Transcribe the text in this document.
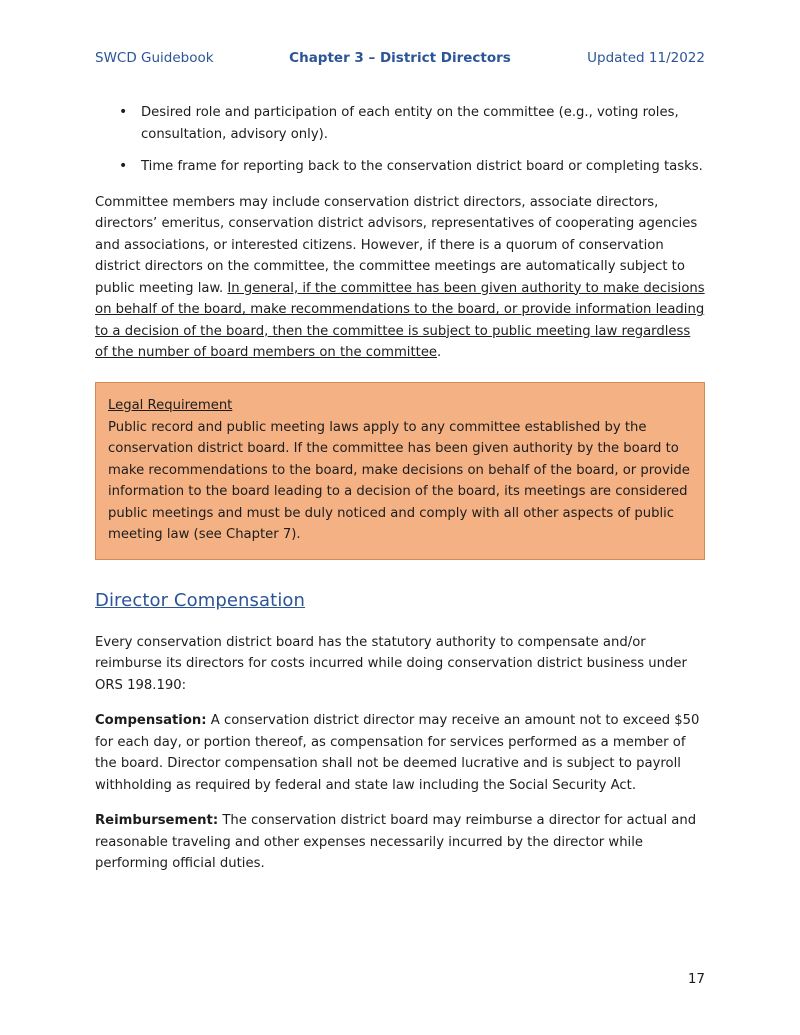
SWCD Guidebook	Chapter 3 – District Directors	Updated 11/2022
• Desired role and participation of each entity on the committee (e.g., voting roles, consultation, advisory only).
• Time frame for reporting back to the conservation district board or completing tasks.

Committee members may include conservation district directors, associate directors, directors’ emeritus, conservation district advisors, representatives of cooperating agencies and associations, or interested citizens. However, if there is a quorum of conservation district directors on the committee, the committee meetings are automatically subject to public meeting law. In general, if the committee has been given authority to make decisions on behalf of the board, make recommendations to the board, or provide information leading to a decision of the board, then the committee is subject to public meeting law regardless of the number of board members on the committee.

Legal Requirement

Public record and public meeting laws apply to any committee established by the conservation district board. If the committee has been given authority by the board to make recommendations to the board, make decisions on behalf of the board, or provide information to the board leading to a decision of the board, its meetings are considered public meetings and must be duly noticed and comply with all other aspects of public meeting law (see Chapter 7).

Director Compensation

Every conservation district board has the statutory authority to compensate and/or reimburse its directors for costs incurred while doing conservation district business under ORS 198.190:

Compensation: A conservation district director may receive an amount not to exceed $50 for each day, or portion thereof, as compensation for services performed as a member of the board. Director compensation shall not be deemed lucrative and is subject to payroll withholding as required by federal and state law including the Social Security Act.

Reimbursement: The conservation district board may reimburse a director for actual and reasonable traveling and other expenses necessarily incurred by the director while performing official duties.

17
